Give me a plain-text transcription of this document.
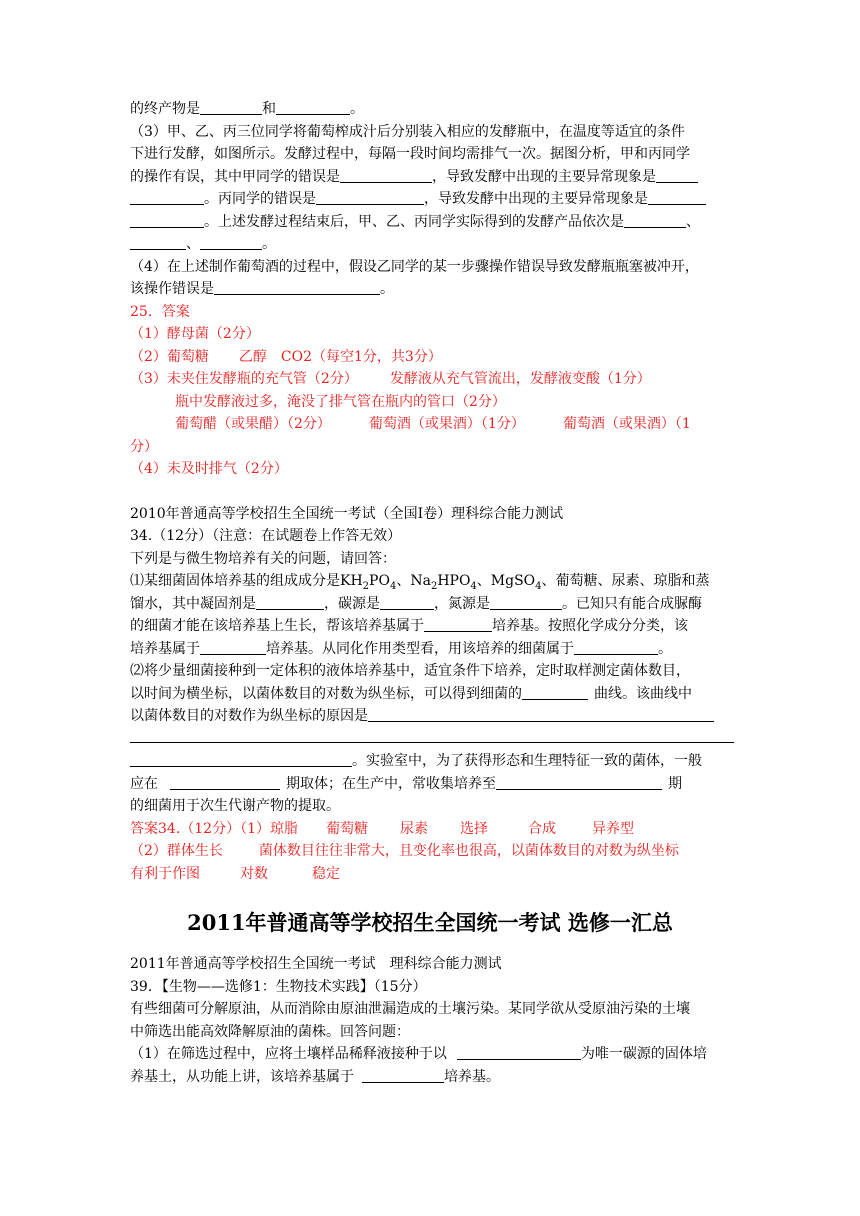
的终产物是	和	。
（3）甲、乙、丙三位同学将葡萄榨成汁后分别装入相应的发酵瓶中，在温度等适宜的条件
下进行发酵，如图所示。发酵过程中，每隔一段时间均需排气一次。据图分析，甲和丙同学
的操作有误，其中甲同学的错误是	，导致发酵中出现的主要异常现象是
。丙同学的错误是	，导致发酵中出现的主要异常现象是
。上述发酵过程结束后，甲、乙、丙同学实际得到的发酵产品依次是	、
、	。
（4）在上述制作葡萄酒的过程中，假设乙同学的某一步骤操作错误导致发酵瓶瓶塞被冲开，
该操作错误是	。
25．答案
（1）酵母菌（2分）
（2）葡萄糖 乙醇 CO2（每空1分，共3分）
（3）未夹住发酵瓶的充气管（2分） 发酵液从充气管流出，发酵液变酸（1分）
瓶中发酵液过多，淹没了排气管在瓶内的管口（2分）
葡萄醋（或果醋）（2分）	葡萄酒（或果酒）（1分）	葡萄酒（或果酒）（1
分）
（4）未及时排气（2分）
2010年普通高等学校招生全国统一考试（全国Ⅰ卷）理科综合能力测试
34.（12分）（注意：在试题卷上作答无效）
下列是与微生物培养有关的问题，请回答：
⑴某细菌固体培养基的组成成分是$KH_2PO_4$、$Na_2HPO_4$、MgSO$_4$、葡萄糖、尿素、琼脂和蒸
馏水，其中凝固剂是	，碳源是	，氮源是	。已知只有能合成脲酶
的细菌才能在该培养基上生长，帮该培养基属于	培养基。按照化学成分分类，该
培养基属于	培养基。从同化作用类型看，用该培养的细菌属于	。
⑵将少量细菌接种到一定体积的液体培养基中，适宜条件下培养，定时取样测定菌体数目，
以时间为横坐标，以菌体数目的对数为纵坐标，可以得到细菌的	曲线。该曲线中
以菌体数目的对数作为纵坐标的原因是
。实验室中，为了获得形态和生理特征一致的菌体，一般
应在	期取体；在生产中，常收集培养至	期
的细菌用于次生代谢产物的提取。
答案34.（12分）（1）琼脂 葡萄糖 尿素 选择	合成	异养型
（2）群体生长	菌体数目往往非常大，且变化率也很高，以菌体数目的对数为纵坐标
有利于作图	对数	稳定
2011年普通高等学校招生全国统一考试 选修一汇总
2011年普通高等学校招生全国统一考试　理科综合能力测试
39．【生物——选修1：生物技术实践】（15分）
有些细菌可分解原油，从而消除由原油泄漏造成的土壤污染。某同学欲从受原油污染的土壤
中筛选出能高效降解原油的菌株。回答问题：
（1）在筛选过程中，应将土壤样品稀释液接种于以	为唯一碳源的固体培
养基土，从功能上讲，该培养基属于	培养基。
